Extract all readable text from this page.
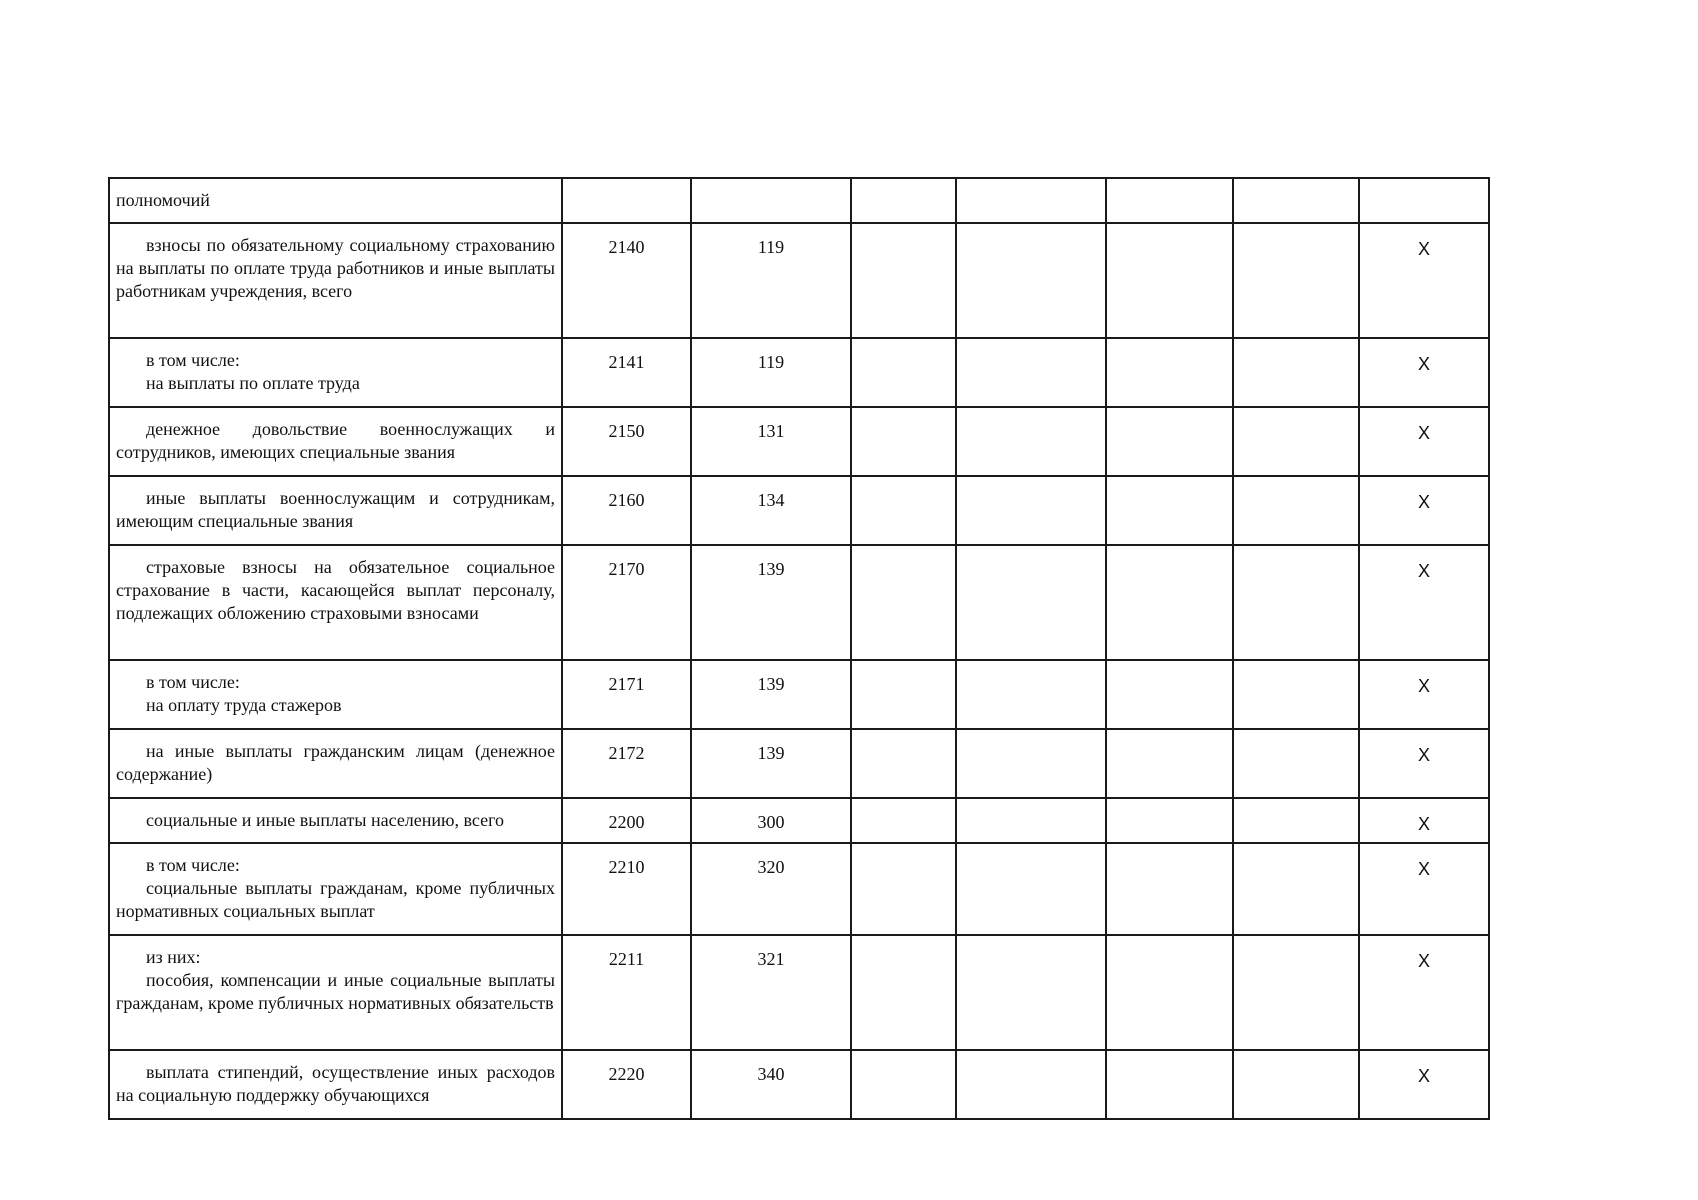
полномочий							

взносы по обязательному социальному страхованию на выплаты по оплате труда работников и иные выплаты работникам учреждения, всего	2140	119					X

в том числе:

на выплаты по оплате труда	2141	119					X

денежное довольствие военнослужащих и сотрудников, имеющих специальные звания	2150	131					X

иные выплаты военнослужащим и сотрудникам, имеющим специальные звания	2160	134					X

страховые взносы на обязательное социальное страхование в части, касающейся выплат персоналу, подлежащих обложению страховыми взносами	2170	139					X

в том числе:

на оплату труда стажеров	2171	139					X

на иные выплаты гражданским лицам (денежное содержание)	2172	139					X

социальные и иные выплаты населению, всего	2200	300					X

в том числе:

социальные выплаты гражданам, кроме публичных нормативных социальных выплат	2210	320					X

из них:

пособия, компенсации и иные социальные выплаты гражданам, кроме публичных нормативных обязательств	2211	321					X

выплата стипендий, осуществление иных расходов на социальную поддержку обучающихся	2220	340					X
